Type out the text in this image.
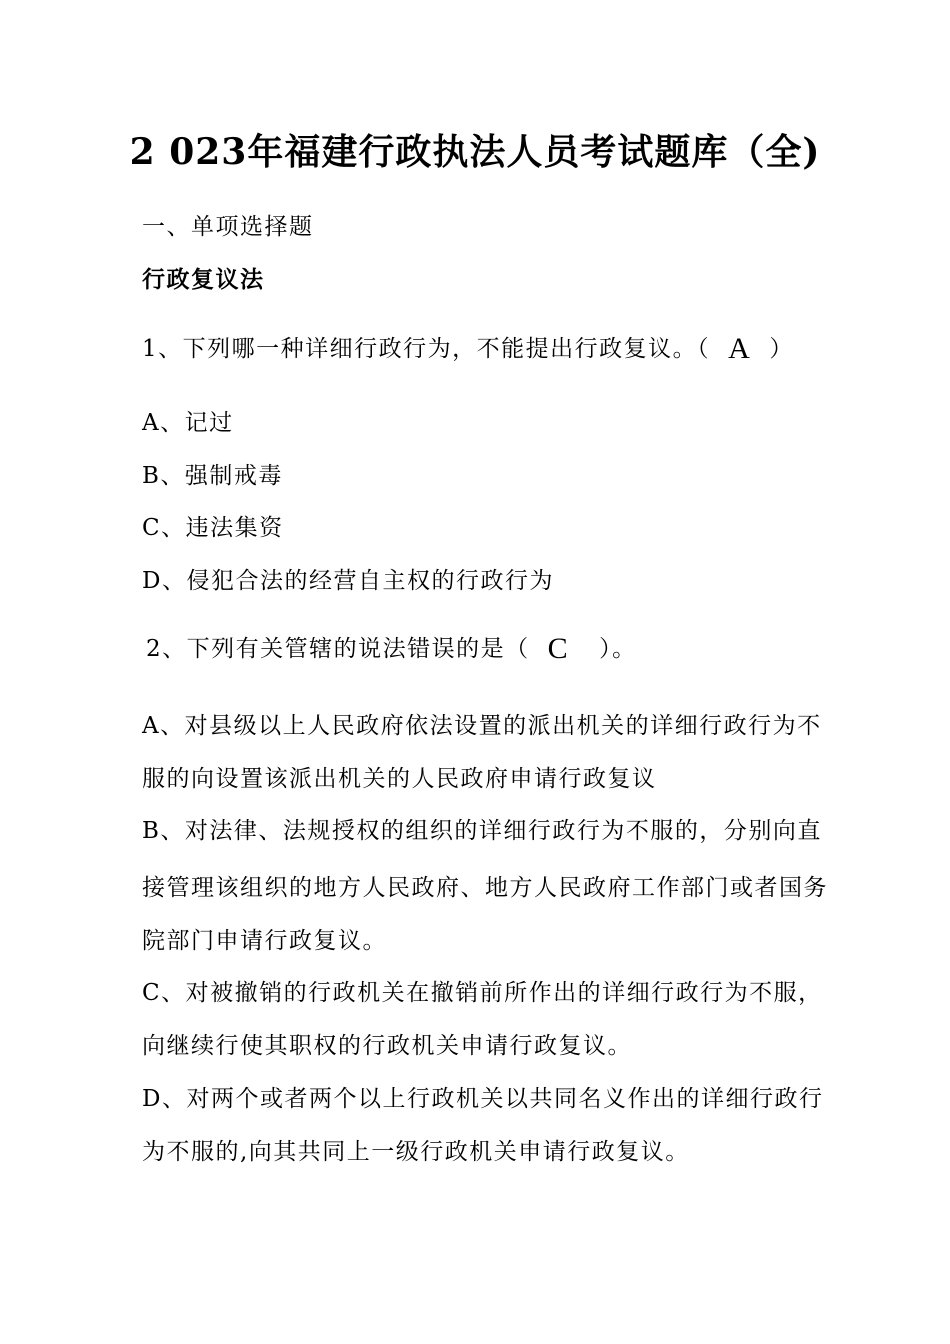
2 023年福建行政执法人员考试题库（全)
一、单项选择题
行政复议法
1、下列哪一种详细行政行为，不能提出行政复议。（ A ）
A、记过
B、强制戒毒
C、违法集资
D、侵犯合法的经营自主权的行政行为
2、下列有关管辖的说法错误的是（ C ）。
A、对县级以上人民政府依法设置的派出机关的详细行政行为不
服的向设置该派出机关的人民政府申请行政复议
B、对法律、法规授权的组织的详细行政行为不服的，分别向直
接管理该组织的地方人民政府、地方人民政府工作部门或者国务
院部门申请行政复议。
C、对被撤销的行政机关在撤销前所作出的详细行政行为不服，
向继续行使其职权的行政机关申请行政复议。
D、对两个或者两个以上行政机关以共同名义作出的详细行政行
为不服的,向其共同上一级行政机关申请行政复议。
